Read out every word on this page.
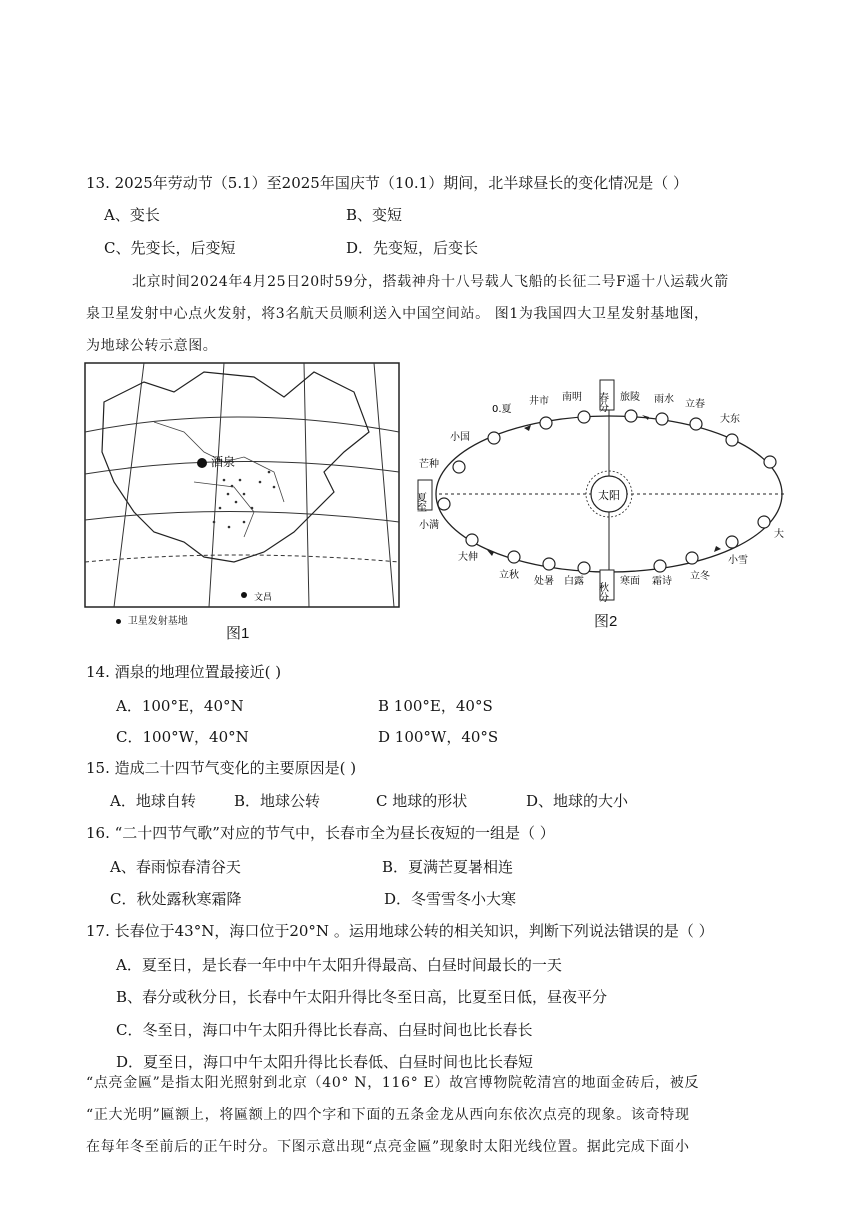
13. 2025年劳动节（5.1）至2025年国庆节（10.1）期间，北半球昼长的变化情况是（ ）
A、变长	B、变短
C、先变长，后变短	D．先变短，后变长
北京时间2024年4月25日20时59分，搭载神舟十八号载人飞船的长征二号F遥十八运载火箭
泉卫星发射中心点火发射，将3名航天员顺利送入中国空间站。 图1为我国四大卫星发射基地图，
为地球公转示意图。
酒泉
文昌
卫星发射基地
图1
太阳
0.夏
井市 南明	旅陵 雨水 立春
大东
小国
芒种
小满
大伸
立秋
处暑 白露	寒面 霜诗 立冬
小雪
大
夏至
春分
秋分
图2
14. 酒泉的地理位置最接近( )
A．100°E，40°N	B 100°E，40°S
C．100°W，40°N	D 100°W，40°S
15. 造成二十四节气变化的主要原因是( )
A．地球自转	B．地球公转	C 地球的形状	D、地球的大小
16. “二十四节气歌”对应的节气中，长春市全为昼长夜短的一组是（ ）
A、春雨惊春清谷天	B．夏满芒夏暑相连
C．秋处露秋寒霜降	D．冬雪雪冬小大寒
17. 长春位于43°N，海口位于20°N 。运用地球公转的相关知识，判断下列说法错误的是（ ）
A．夏至日，是长春一年中中午太阳升得最高、白昼时间最长的一天
B、春分或秋分日，长春中午太阳升得比冬至日高，比夏至日低，昼夜平分
C．冬至日，海口中午太阳升得比长春高、白昼时间也比长春长
D．夏至日，海口中午太阳升得比长春低、白昼时间也比长春短
“点亮金匾”是指太阳光照射到北京（40° N，116° E）故宫博物院乾清宫的地面金砖后，被反
“正大光明”匾额上，将匾额上的四个字和下面的五条金龙从西向东依次点亮的现象。该奇特现
在每年冬至前后的正午时分。下图示意出现“点亮金匾”现象时太阳光线位置。据此完成下面小
